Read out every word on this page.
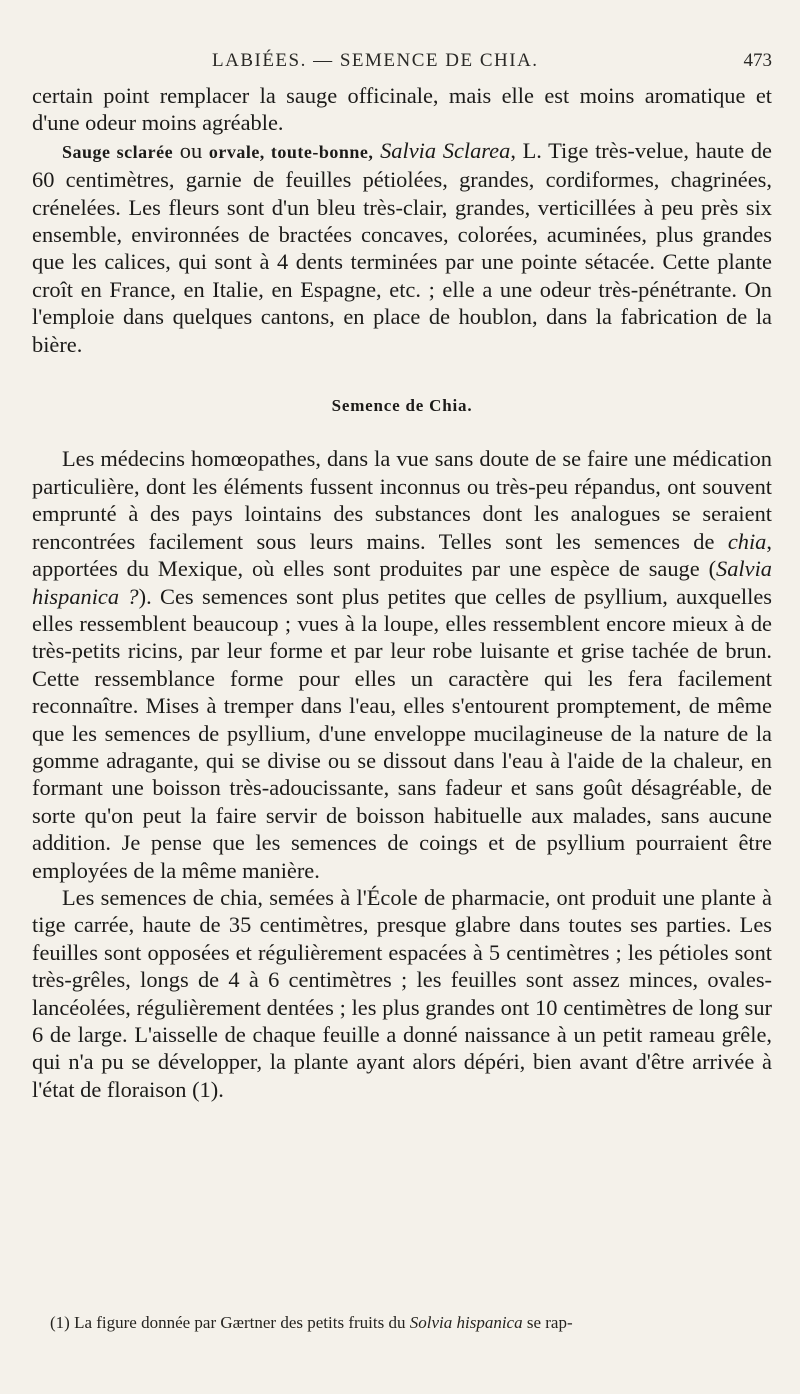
LABIÉES. — SEMENCE DE CHIA.	473

certain point remplacer la sauge officinale, mais elle est moins aromatique et d'une odeur moins agréable.

Sauge sclarée ou orvale, toute-bonne, Salvia Sclarea, L. Tige très-velue, haute de 60 centimètres, garnie de feuilles pétiolées, grandes, cordiformes, chagrinées, crénelées. Les fleurs sont d'un bleu très-clair, grandes, verticillées à peu près six ensemble, environnées de bractées concaves, colorées, acuminées, plus grandes que les calices, qui sont à 4 dents terminées par une pointe sétacée. Cette plante croît en France, en Italie, en Espagne, etc. ; elle a une odeur très-pénétrante. On l'emploie dans quelques cantons, en place de houblon, dans la fabrication de la bière.

Semence de Chia.

Les médecins homœopathes, dans la vue sans doute de se faire une médication particulière, dont les éléments fussent inconnus ou très-peu répandus, ont souvent emprunté à des pays lointains des substances dont les analogues se seraient rencontrées facilement sous leurs mains. Telles sont les semences de chia, apportées du Mexique, où elles sont produites par une espèce de sauge (Salvia hispanica ?). Ces semences sont plus petites que celles de psyllium, auxquelles elles ressemblent beaucoup ; vues à la loupe, elles ressemblent encore mieux à de très-petits ricins, par leur forme et par leur robe luisante et grise tachée de brun. Cette ressemblance forme pour elles un caractère qui les fera facilement reconnaître. Mises à tremper dans l'eau, elles s'entourent promptement, de même que les semences de psyllium, d'une enveloppe mucilagineuse de la nature de la gomme adragante, qui se divise ou se dissout dans l'eau à l'aide de la chaleur, en formant une boisson très-adoucissante, sans fadeur et sans goût désagréable, de sorte qu'on peut la faire servir de boisson habituelle aux malades, sans aucune addition. Je pense que les semences de coings et de psyllium pourraient être employées de la même manière.

Les semences de chia, semées à l'École de pharmacie, ont produit une plante à tige carrée, haute de 35 centimètres, presque glabre dans toutes ses parties. Les feuilles sont opposées et régulièrement espacées à 5 centimètres ; les pétioles sont très-grêles, longs de 4 à 6 centimètres ; les feuilles sont assez minces, ovales-lancéolées, régulièrement dentées ; les plus grandes ont 10 centimètres de long sur 6 de large. L'aisselle de chaque feuille a donné naissance à un petit rameau grêle, qui n'a pu se développer, la plante ayant alors dépéri, bien avant d'être arrivée à l'état de floraison (1).

(1) La figure donnée par Gærtner des petits fruits du Solvia hispanica se rap-
